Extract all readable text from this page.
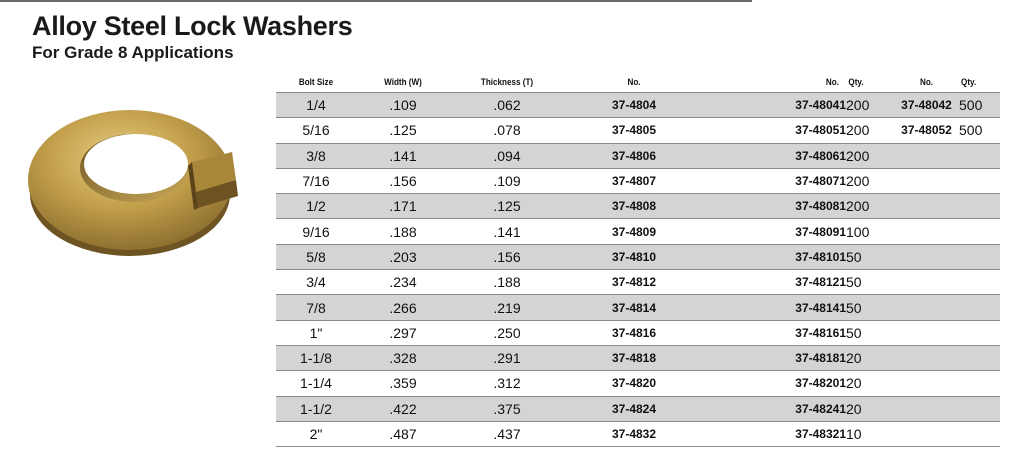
Alloy Steel Lock Washers
For Grade 8 Applications
Bolt Size	Width (W)	Thickness (T)	No.	No.	Qty.	No.	Qty.
1/4	.109	.062	37-4804	37-48041	200	37-48042	500
5/16	.125	.078	37-4805	37-48051	200	37-48052	500
3/8	.141	.094	37-4806	37-48061	200		
7/16	.156	.109	37-4807	37-48071	200		
1/2	.171	.125	37-4808	37-48081	200		
9/16	.188	.141	37-4809	37-48091	100		
5/8	.203	.156	37-4810	37-48101	50		
3/4	.234	.188	37-4812	37-48121	50		
7/8	.266	.219	37-4814	37-48141	50		
1"	.297	.250	37-4816	37-48161	50		
1-1/8	.328	.291	37-4818	37-48181	20		
1-1/4	.359	.312	37-4820	37-48201	20		
1-1/2	.422	.375	37-4824	37-48241	20		
2"	.487	.437	37-4832	37-48321	10		
